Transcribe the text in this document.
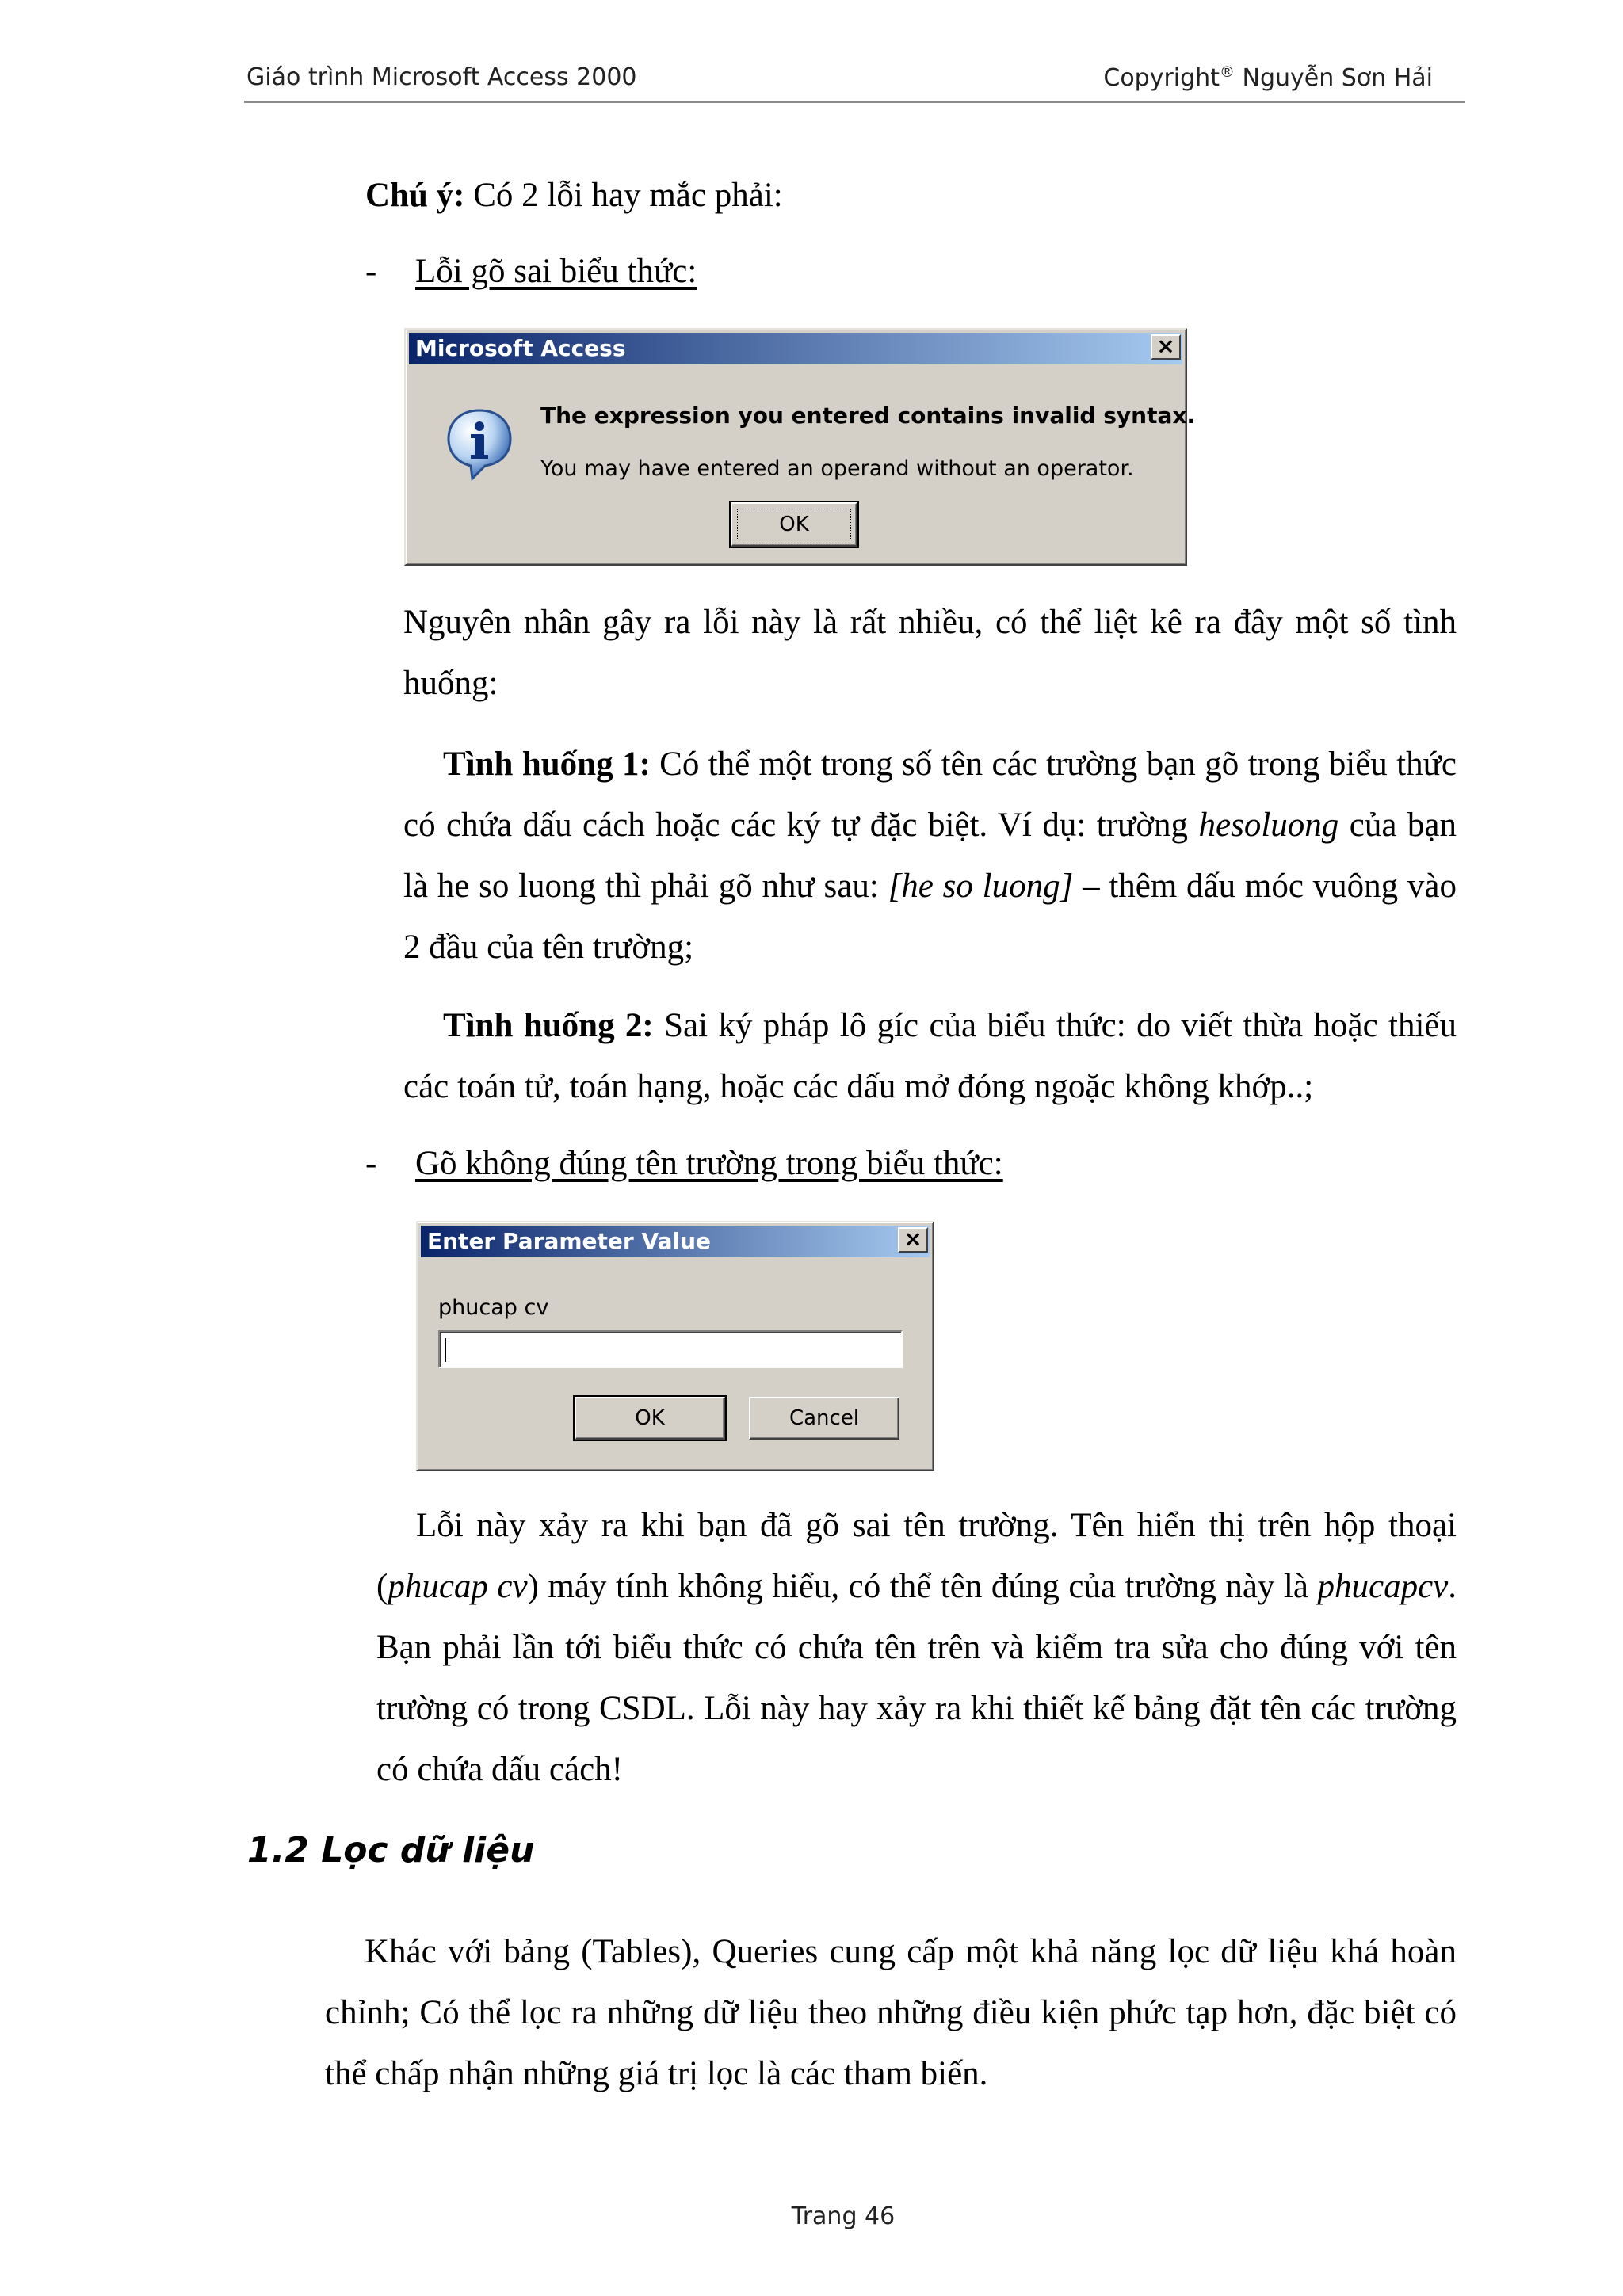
Giáo trình Microsoft Access 2000	Copyright® Nguyễn Sơn Hải
Chú ý: Có 2 lỗi hay mắc phải:
- Lỗi gõ sai biểu thức:
Microsoft Access	×
The expression you entered contains invalid syntax.
You may have entered an operand without an operator.
OK
Nguyên nhân gây ra lỗi này là rất nhiều, có thể liệt kê ra đây một số tình huống:
Tình huống 1: Có thể một trong số tên các trường bạn gõ trong biểu thức có chứa dấu cách hoặc các ký tự đặc biệt. Ví dụ: trường hesoluong của bạn là he so luong thì phải gõ như sau: [he so luong] – thêm dấu móc vuông vào 2 đầu của tên trường;
Tình huống 2: Sai ký pháp lô gíc của biểu thức: do viết thừa hoặc thiếu các toán tử, toán hạng, hoặc các dấu mở đóng ngoặc không khớp..;
- Gõ không đúng tên trường trong biểu thức:
Enter Parameter Value	×
phucap cv
OK	Cancel
Lỗi này xảy ra khi bạn đã gõ sai tên trường. Tên hiển thị trên hộp thoại (phucap cv) máy tính không hiểu, có thể tên đúng của trường này là phucapcv. Bạn phải lần tới biểu thức có chứa tên trên và kiểm tra sửa cho đúng với tên trường có trong CSDL. Lỗi này hay xảy ra khi thiết kế bảng đặt tên các trường có chứa dấu cách!
1.2 Lọc dữ liệu
Khác với bảng (Tables), Queries cung cấp một khả năng lọc dữ liệu khá hoàn chỉnh; Có thể lọc ra những dữ liệu theo những điều kiện phức tạp hơn, đặc biệt có thể chấp nhận những giá trị lọc là các tham biến.
Trang 46
